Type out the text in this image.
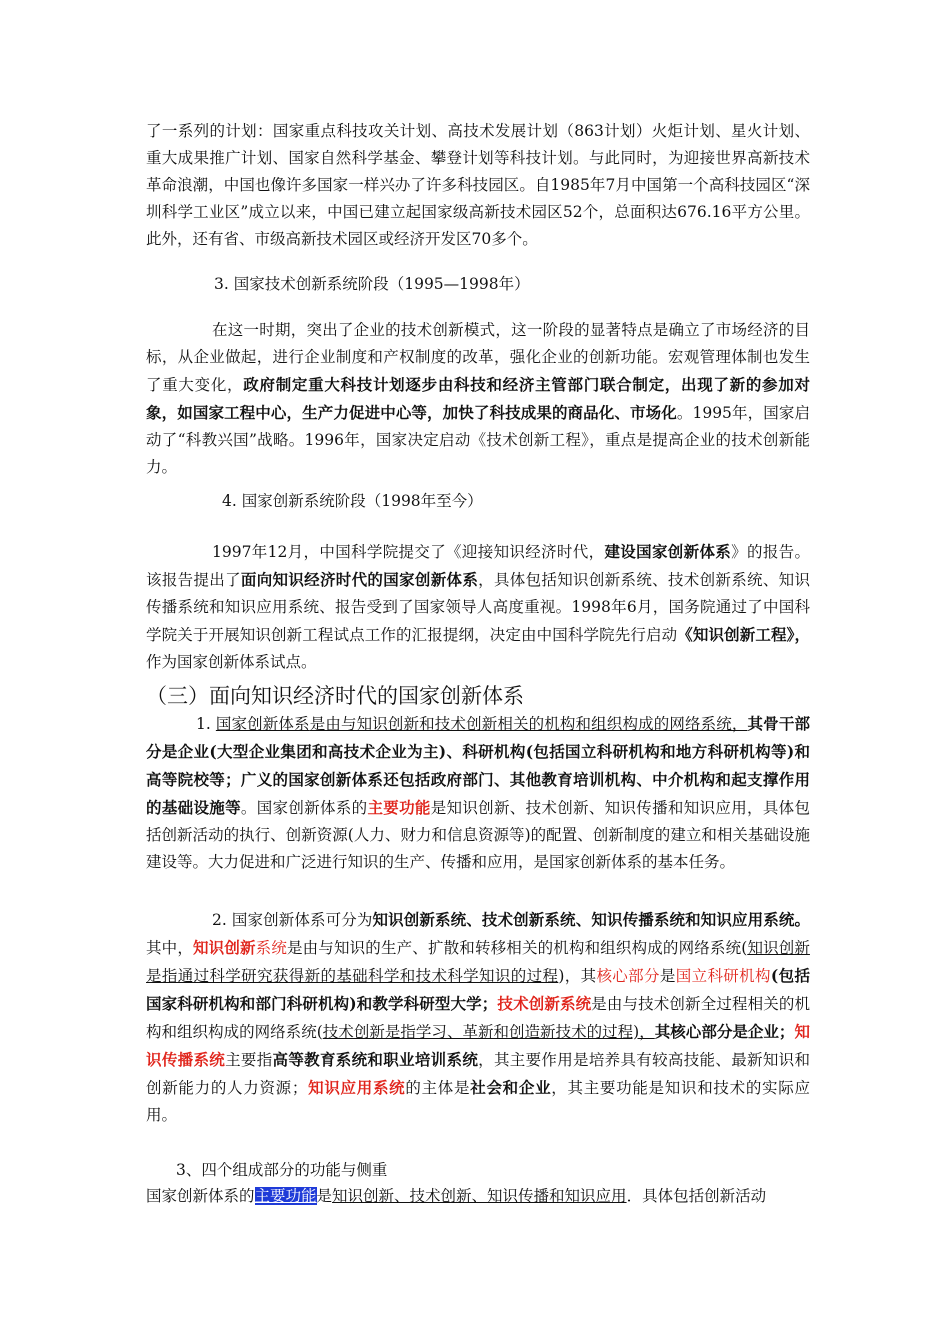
了一系列的计划：国家重点科技攻关计划、高技术发展计划（863计划）火炬计划、星火计划、重大成果推广计划、国家自然科学基金、攀登计划等科技计划。与此同时，为迎接世界高新技术革命浪潮，中国也像许多国家一样兴办了许多科技园区。自1985年7月中国第一个高科技园区“深圳科学工业区”成立以来，中国已建立起国家级高新技术园区52个，总面积达676.16平方公里。此外，还有省、市级高新技术园区或经济开发区70多个。

3. 国家技术创新系统阶段（1995—1998年）

在这一时期，突出了企业的技术创新模式，这一阶段的显著特点是确立了市场经济的目标，从企业做起，进行企业制度和产权制度的改革，强化企业的创新功能。宏观管理体制也发生了重大变化，政府制定重大科技计划逐步由科技和经济主管部门联合制定，出现了新的参加对象，如国家工程中心，生产力促进中心等，加快了科技成果的商品化、市场化。1995年，国家启动了“科教兴国”战略。1996年，国家决定启动《技术创新工程》，重点是提高企业的技术创新能力。

4. 国家创新系统阶段（1998年至今）

1997年12月，中国科学院提交了《迎接知识经济时代，建设国家创新体系》的报告。该报告提出了面向知识经济时代的国家创新体系，具体包括知识创新系统、技术创新系统、知识传播系统和知识应用系统、报告受到了国家领导人高度重视。1998年6月，国务院通过了中国科学院关于开展知识创新工程试点工作的汇报提纲，决定由中国科学院先行启动《知识创新工程》，作为国家创新体系试点。

（三）面向知识经济时代的国家创新体系

1. 国家创新体系是由与知识创新和技术创新相关的机构和组织构成的网络系统，其骨干部分是企业(大型企业集团和高技术企业为主)、科研机构(包括国立科研机构和地方科研机构等)和高等院校等；广义的国家创新体系还包括政府部门、其他教育培训机构、中介机构和起支撑作用的基础设施等。国家创新体系的主要功能是知识创新、技术创新、知识传播和知识应用，具体包括创新活动的执行、创新资源(人力、财力和信息资源等)的配置、创新制度的建立和相关基础设施建设等。大力促进和广泛进行知识的生产、传播和应用，是国家创新体系的基本任务。

2. 国家创新体系可分为知识创新系统、技术创新系统、知识传播系统和知识应用系统。其中，知识创新系统是由与知识的生产、扩散和转移相关的机构和组织构成的网络系统(知识创新是指通过科学研究获得新的基础科学和技术科学知识的过程)，其核心部分是国立科研机构(包括国家科研机构和部门科研机构)和教学科研型大学；技术创新系统是由与技术创新全过程相关的机构和组织构成的网络系统(技术创新是指学习、革新和创造新技术的过程)，其核心部分是企业；知识传播系统主要指高等教育系统和职业培训系统，其主要作用是培养具有较高技能、最新知识和创新能力的人力资源；知识应用系统的主体是社会和企业，其主要功能是知识和技术的实际应用。

3、四个组成部分的功能与侧重

国家创新体系的主要功能是知识创新、技术创新、知识传播和知识应用．具体包括创新活动
